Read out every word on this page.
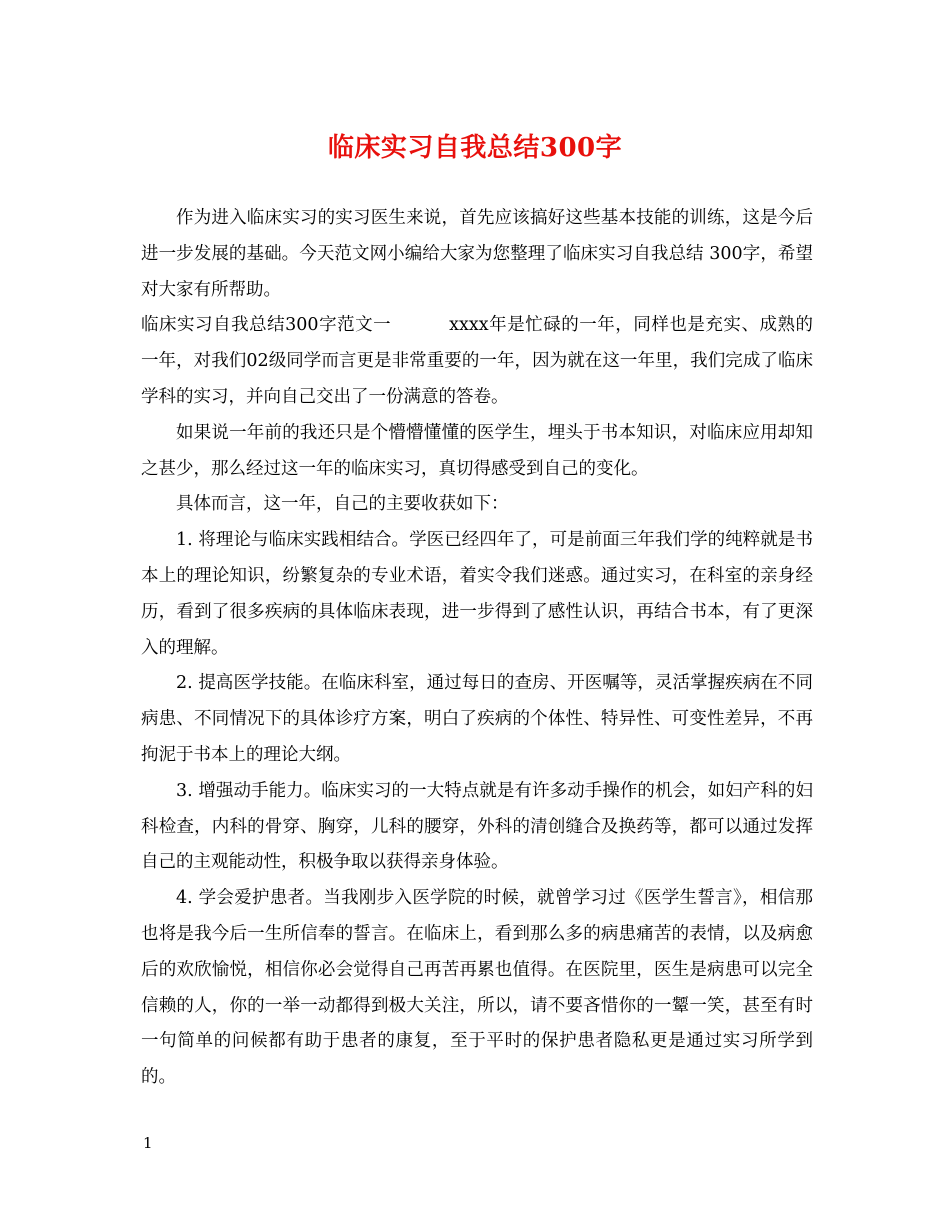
临床实习自我总结300字

作为进入临床实习的实习医生来说，首先应该搞好这些基本技能的训练，这是今后进一步发展的基础。今天范文网小编给大家为您整理了临床实习自我总结 300字，希望对大家有所帮助。

临床实习自我总结300字范文一	xxxx年是忙碌的一年，同样也是充实、成熟的一年，对我们02级同学而言更是非常重要的一年，因为就在这一年里，我们完成了临床学科的实习，并向自己交出了一份满意的答卷。

如果说一年前的我还只是个懵懵懂懂的医学生，埋头于书本知识，对临床应用却知之甚少，那么经过这一年的临床实习，真切得感受到自己的变化。

具体而言，这一年，自己的主要收获如下：

1. 将理论与临床实践相结合。学医已经四年了，可是前面三年我们学的纯粹就是书本上的理论知识，纷繁复杂的专业术语，着实令我们迷惑。通过实习，在科室的亲身经历，看到了很多疾病的具体临床表现，进一步得到了感性认识，再结合书本，有了更深入的理解。

2. 提高医学技能。在临床科室，通过每日的查房、开医嘱等，灵活掌握疾病在不同病患、不同情况下的具体诊疗方案，明白了疾病的个体性、特异性、可变性差异，不再拘泥于书本上的理论大纲。

3. 增强动手能力。临床实习的一大特点就是有许多动手操作的机会，如妇产科的妇科检查，内科的骨穿、胸穿，儿科的腰穿，外科的清创缝合及换药等，都可以通过发挥自己的主观能动性，积极争取以获得亲身体验。

4. 学会爱护患者。当我刚步入医学院的时候，就曾学习过《医学生誓言》，相信那也将是我今后一生所信奉的誓言。在临床上，看到那么多的病患痛苦的表情，以及病愈后的欢欣愉悦，相信你必会觉得自己再苦再累也值得。在医院里，医生是病患可以完全信赖的人，你的一举一动都得到极大关注，所以，请不要吝惜你的一颦一笑，甚至有时一句简单的问候都有助于患者的康复，至于平时的保护患者隐私更是通过实习所学到的。

1
